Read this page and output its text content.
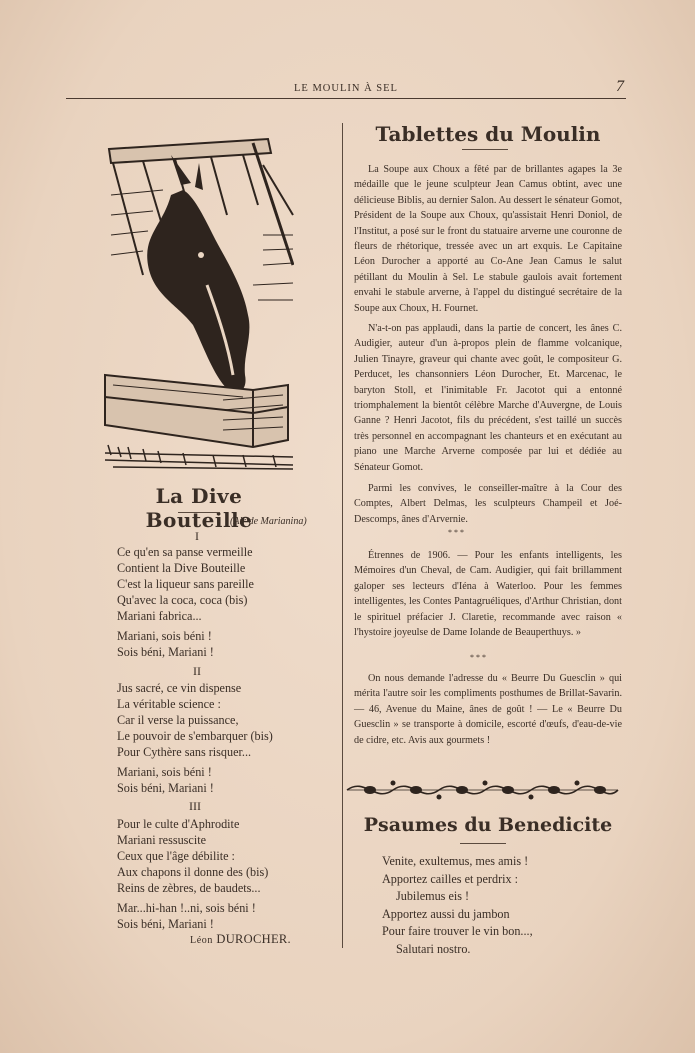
LE MOULIN À SEL	7
La Dive Bouteille
(Air de Marianina)
I
Ce qu'en sa panse vermeille
Contient la Dive Bouteille
C'est la liqueur sans pareille
Qu'avec la coca, coca (bis)
Mariani fabrica...
Mariani, sois béni !
Sois béni, Mariani !
II
Jus sacré, ce vin dispense
La véritable science :
Car il verse la puissance,
Le pouvoir de s'embarquer (bis)
Pour Cythère sans risquer...
Mariani, sois béni !
Sois béni, Mariani !
III
Pour le culte d'Aphrodite
Mariani ressuscite
Ceux que l'âge débilite :
Aux chapons il donne des (bis)
Reins de zèbres, de baudets...
Mar...hi-han !..ni, sois béni !
Sois béni, Mariani !
Léon DUROCHER.
Tablettes du Moulin
La Soupe aux Choux a fêté par de brillantes agapes la 3e médaille que le jeune sculpteur Jean Camus obtint, avec une délicieuse Biblis, au dernier Salon. Au dessert le sénateur Gomot, Président de la Soupe aux Choux, qu'assistait Henri Doniol, de l'Institut, a posé sur le front du statuaire arverne une couronne de fleurs de rhétorique, tressée avec un art exquis. Le Capitaine Léon Durocher a apporté au Co-Ane Jean Camus le salut pétillant du Moulin à Sel. Le stabule gaulois avait fortement envahi le stabule arverne, à l'appel du distingué secrétaire de la Soupe aux Choux, H. Fournet.
N'a-t-on pas applaudi, dans la partie de concert, les ânes C. Audigier, auteur d'un à-propos plein de flamme volcanique, Julien Tinayre, graveur qui chante avec goût, le compositeur G. Perducet, les chansonniers Léon Durocher, Et. Marcenac, le baryton Stoll, et l'inimitable Fr. Jacotot qui a entonné triomphalement la bientôt célèbre Marche d'Auvergne, de Louis Ganne ? Henri Jacotot, fils du précédent, s'est taillé un succès très personnel en accompagnant les chanteurs et en exécutant au piano une Marche Arverne composée par lui et dédiée au Sénateur Gomot.
Parmi les convives, le conseiller-maître à la Cour des Comptes, Albert Delmas, les sculpteurs Champeil et Joé-Descomps, ânes d'Arvernie.
* * *
Étrennes de 1906. — Pour les enfants intelligents, les Mémoires d'un Cheval, de Cam. Audigier, qui fait brillamment galoper ses lecteurs d'Iéna à Waterloo. Pour les femmes intelligentes, les Contes Pantagruéliques, d'Arthur Christian, dont le spirituel préfacier J. Claretie, recommande avec raison « l'hystoire joyeulse de Dame Iolande de Beauperthuys. »
* * *
On nous demande l'adresse du « Beurre Du Guesclin » qui mérita l'autre soir les compliments posthumes de Brillat-Savarin. — 46, Avenue du Maine, ânes de goût ! — Le « Beurre Du Guesclin » se transporte à domicile, escorté d'œufs, d'eau-de-vie de cidre, etc. Avis aux gourmets !
Psaumes du Benedicite
Venite, exultemus, mes amis !
Apportez cailles et perdrix :
Jubilemus eis !
Apportez aussi du jambon
Pour faire trouver le vin bon...,
Salutari nostro.
